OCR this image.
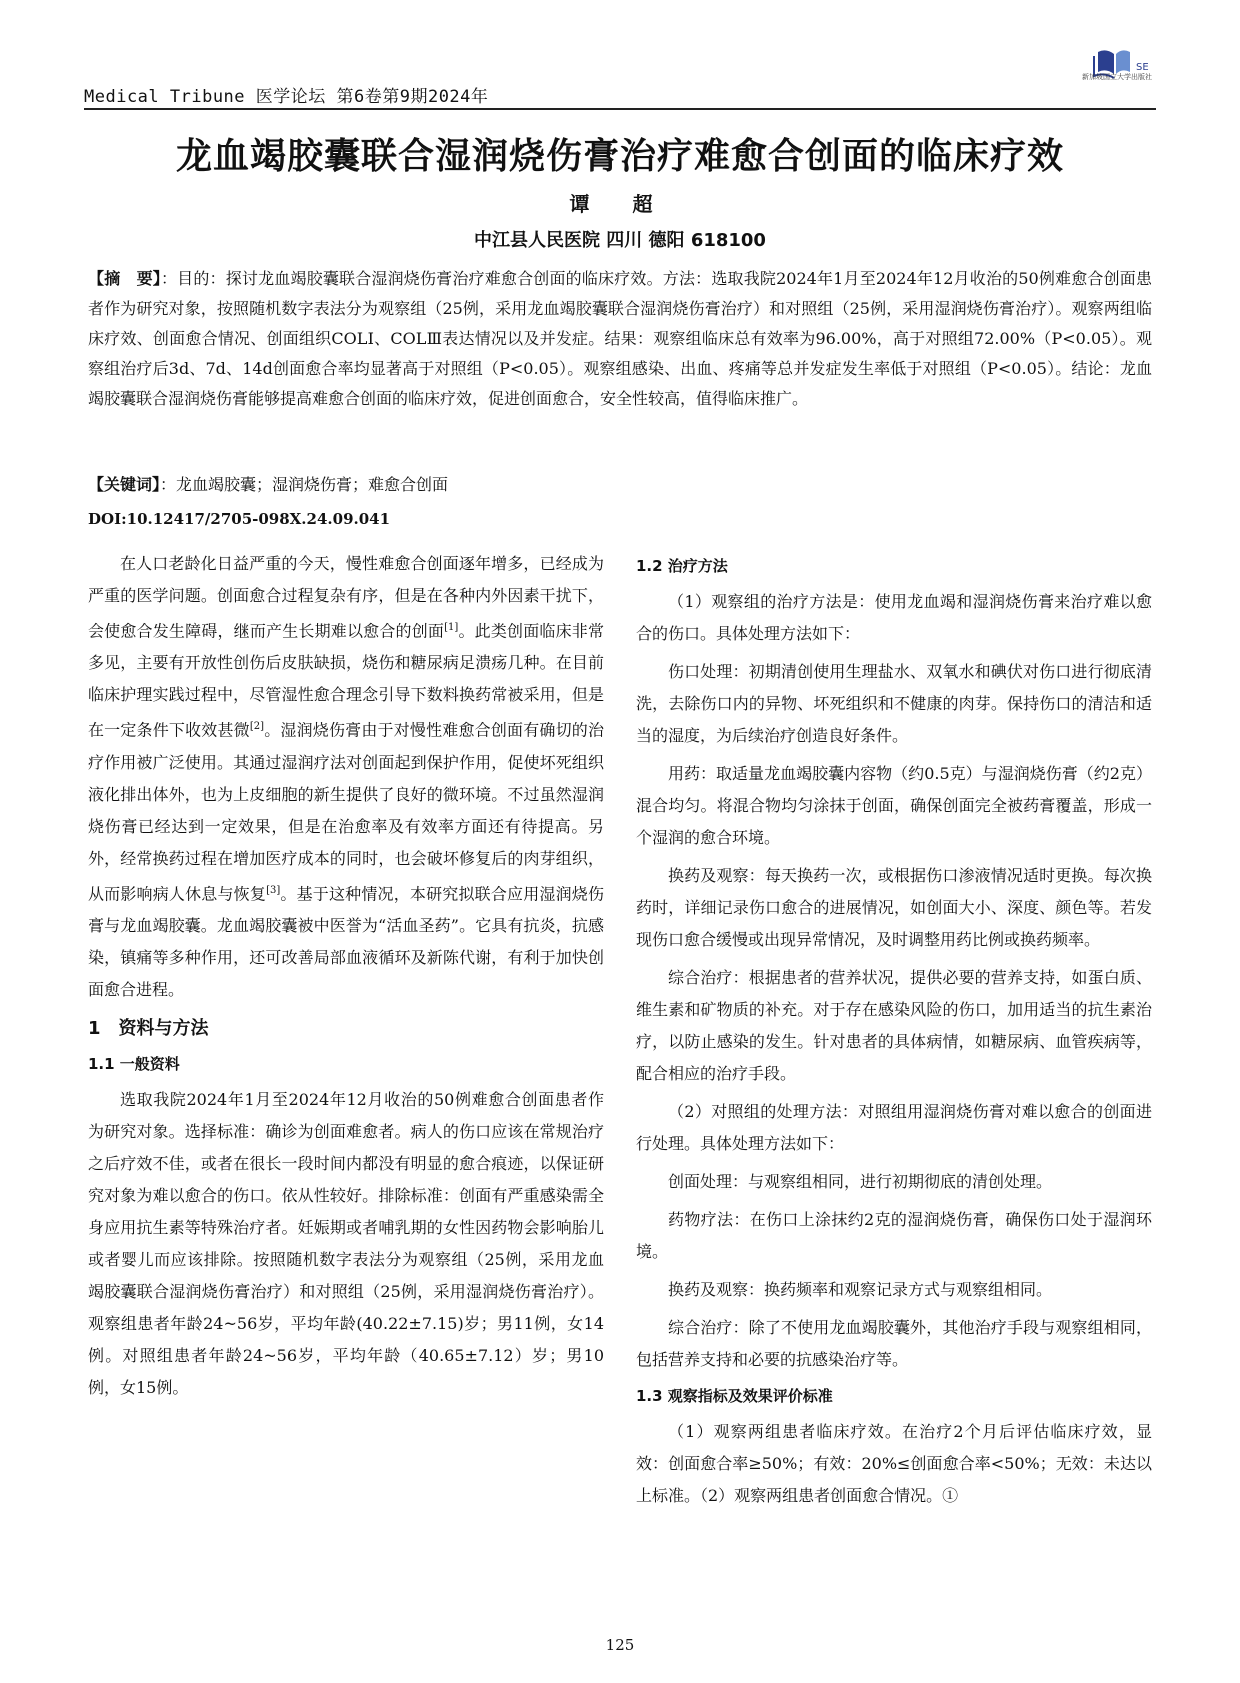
Medical Tribune 医学论坛 第6卷第9期2024年
SE
新加坡国立大学出版社
龙血竭胶囊联合湿润烧伤膏治疗难愈合创面的临床疗效
谭 超
中江县人民医院 四川 德阳 618100
【摘　要】：目的：探讨龙血竭胶囊联合湿润烧伤膏治疗难愈合创面的临床疗效。方法：选取我院2024年1月至2024年12月收治的50例难愈合创面患者作为研究对象，按照随机数字表法分为观察组（25例，采用龙血竭胶囊联合湿润烧伤膏治疗）和对照组（25例，采用湿润烧伤膏治疗）。观察两组临床疗效、创面愈合情况、创面组织COLⅠ、COLⅢ表达情况以及并发症。结果：观察组临床总有效率为96.00%，高于对照组72.00%（P<0.05）。观察组治疗后3d、7d、14d创面愈合率均显著高于对照组（P<0.05）。观察组感染、出血、疼痛等总并发症发生率低于对照组（P<0.05）。结论：龙血竭胶囊联合湿润烧伤膏能够提高难愈合创面的临床疗效，促进创面愈合，安全性较高，值得临床推广。
【关键词】：龙血竭胶囊；湿润烧伤膏；难愈合创面
DOI:10.12417/2705-098X.24.09.041

在人口老龄化日益严重的今天，慢性难愈合创面逐年增多，已经成为严重的医学问题。创面愈合过程复杂有序，但是在各种内外因素干扰下，会使愈合发生障碍，继而产生长期难以愈合的创面[1]。此类创面临床非常多见，主要有开放性创伤后皮肤缺损，烧伤和糖尿病足溃疡几种。在目前临床护理实践过程中，尽管湿性愈合理念引导下数料换药常被采用，但是在一定条件下收效甚微[2]。湿润烧伤膏由于对慢性难愈合创面有确切的治疗作用被广泛使用。其通过湿润疗法对创面起到保护作用，促使坏死组织液化排出体外，也为上皮细胞的新生提供了良好的微环境。不过虽然湿润烧伤膏已经达到一定效果，但是在治愈率及有效率方面还有待提高。另外，经常换药过程在增加医疗成本的同时，也会破坏修复后的肉芽组织，从而影响病人休息与恢复[3]。基于这种情况，本研究拟联合应用湿润烧伤膏与龙血竭胶囊。龙血竭胶囊被中医誉为“活血圣药”。它具有抗炎，抗感染，镇痛等多种作用，还可改善局部血液循环及新陈代谢，有利于加快创面愈合进程。

1　资料与方法
1.1 一般资料

选取我院2024年1月至2024年12月收治的50例难愈合创面患者作为研究对象。选择标准：确诊为创面难愈者。病人的伤口应该在常规治疗之后疗效不佳，或者在很长一段时间内都没有明显的愈合痕迹，以保证研究对象为难以愈合的伤口。依从性较好。排除标准：创面有严重感染需全身应用抗生素等特殊治疗者。妊娠期或者哺乳期的女性因药物会影响胎儿或者婴儿而应该排除。按照随机数字表法分为观察组（25例，采用龙血竭胶囊联合湿润烧伤膏治疗）和对照组（25例，采用湿润烧伤膏治疗）。观察组患者年龄24~56岁，平均年龄(40.22±7.15)岁；男11例，女14例。对照组患者年龄24~56岁，平均年龄（40.65±7.12）岁；男10例，女15例。

1.2 治疗方法

（1）观察组的治疗方法是：使用龙血竭和湿润烧伤膏来治疗难以愈合的伤口。具体处理方法如下：

伤口处理：初期清创使用生理盐水、双氧水和碘伏对伤口进行彻底清洗，去除伤口内的异物、坏死组织和不健康的肉芽。保持伤口的清洁和适当的湿度，为后续治疗创造良好条件。

用药：取适量龙血竭胶囊内容物（约0.5克）与湿润烧伤膏（约2克）混合均匀。将混合物均匀涂抹于创面，确保创面完全被药膏覆盖，形成一个湿润的愈合环境。

换药及观察：每天换药一次，或根据伤口渗液情况适时更换。每次换药时，详细记录伤口愈合的进展情况，如创面大小、深度、颜色等。若发现伤口愈合缓慢或出现异常情况，及时调整用药比例或换药频率。

综合治疗：根据患者的营养状况，提供必要的营养支持，如蛋白质、维生素和矿物质的补充。对于存在感染风险的伤口，加用适当的抗生素治疗，以防止感染的发生。针对患者的具体病情，如糖尿病、血管疾病等，配合相应的治疗手段。

（2）对照组的处理方法：对照组用湿润烧伤膏对难以愈合的创面进行处理。具体处理方法如下：

创面处理：与观察组相同，进行初期彻底的清创处理。

药物疗法：在伤口上涂抹约2克的湿润烧伤膏，确保伤口处于湿润环境。

换药及观察：换药频率和观察记录方式与观察组相同。

综合治疗：除了不使用龙血竭胶囊外，其他治疗手段与观察组相同，包括营养支持和必要的抗感染治疗等。

1.3 观察指标及效果评价标准

（1）观察两组患者临床疗效。在治疗2个月后评估临床疗效，显效：创面愈合率≥50%；有效：20%≤创面愈合率<50%；无效：未达以上标准。（2）观察两组患者创面愈合情况。①

125
